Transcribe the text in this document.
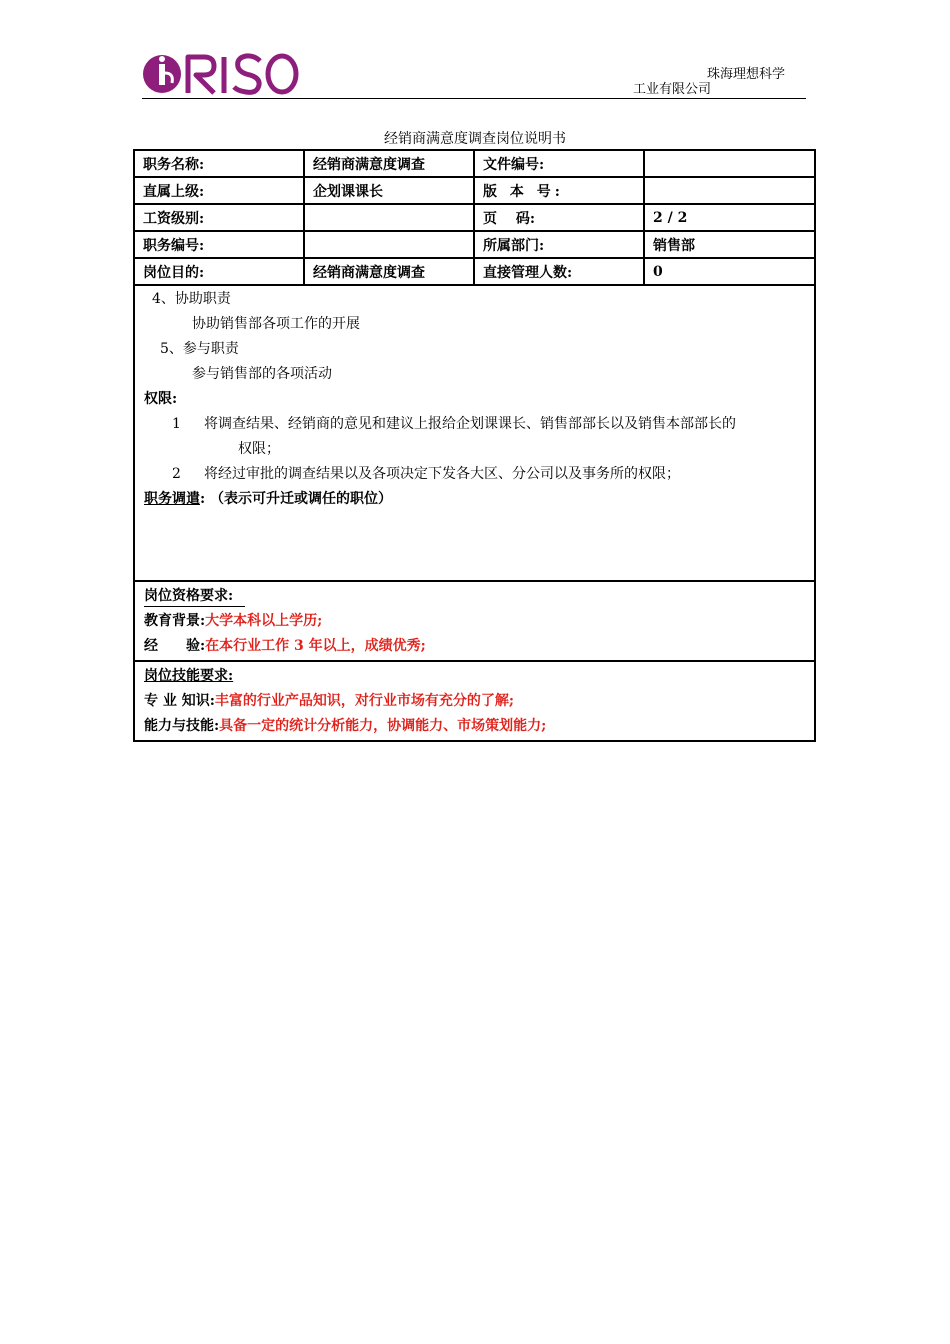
珠海理想科学
工业有限公司
经销商满意度调查岗位说明书
职务名称:	经销商满意度调查	文件编号:	
直属上级:	企划课课长	版 本 号:	
工资级别:		页　 码:	2 / 2
职务编号:		所属部门:	销售部
岗位目的:	经销商满意度调查	直接管理人数:	0
4、协助职责
协助销售部各项工作的开展
5、参与职责
参与销售部的各项活动
权限:
1 将调查结果、经销商的意见和建议上报给企划课课长、销售部部长以及销售本部部长的
权限；
2 将经过审批的调查结果以及各项决定下发各大区、分公司以及事务所的权限；
职务调遣: （表示可升迁或调任的职位）
岗位资格要求:
教育背景:大学本科以上学历;
经　　验:在本行业工作 3 年以上，成绩优秀;
岗位技能要求:
专 业 知识:丰富的行业产品知识，对行业市场有充分的了解;
能力与技能:具备一定的统计分析能力，协调能力、市场策划能力;
